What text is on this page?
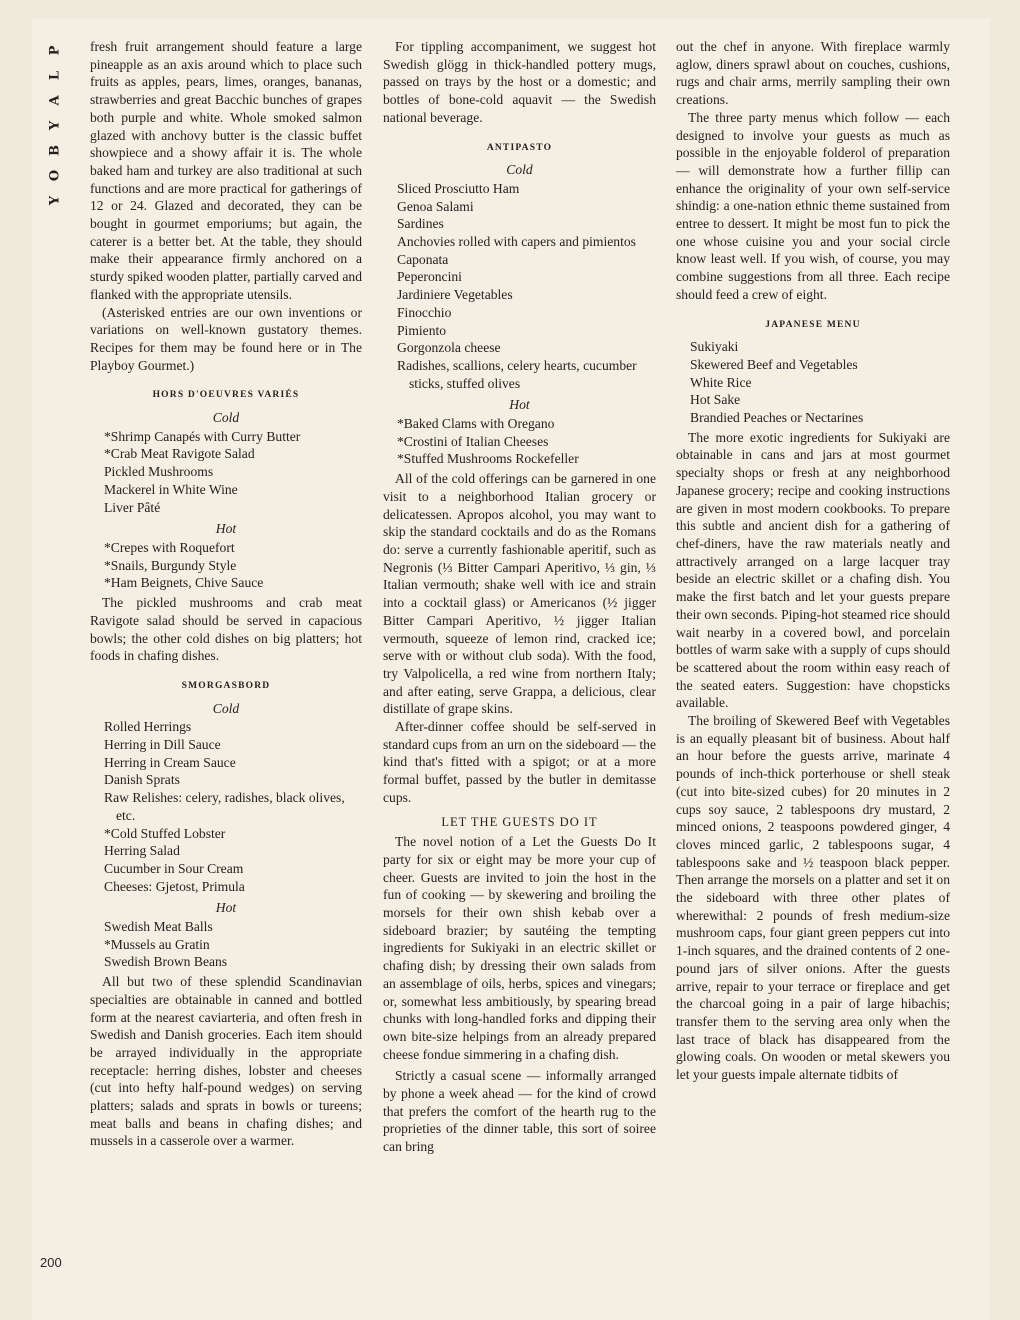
P
L
A
Y
B
O
Y

fresh fruit arrangement should feature a large pineapple as an axis around which to place such fruits as apples, pears, limes, oranges, bananas, strawberries and great Bacchic bunches of grapes both purple and white. Whole smoked salmon glazed with anchovy butter is the classic buffet showpiece and a showy affair it is. The whole baked ham and turkey are also traditional at such functions and are more practical for gatherings of 12 or 24. Glazed and decorated, they can be bought in gourmet emporiums; but again, the caterer is a better bet. At the table, they should make their appearance firmly anchored on a sturdy spiked wooden platter, partially carved and flanked with the appropriate utensils.

(Asterisked entries are our own inventions or variations on well-known gustatory themes. Recipes for them may be found here or in The Playboy Gourmet.)

HORS D'OEUVRES VARIÉS
Cold
*Shrimp Canapés with Curry Butter
*Crab Meat Ravigote Salad
Pickled Mushrooms
Mackerel in White Wine
Liver Pâté
Hot
*Crepes with Roquefort
*Snails, Burgundy Style
*Ham Beignets, Chive Sauce

The pickled mushrooms and crab meat Ravigote salad should be served in capacious bowls; the other cold dishes on big platters; hot foods in chafing dishes.

SMORGASBORD
Cold
Rolled Herrings
Herring in Dill Sauce
Herring in Cream Sauce
Danish Sprats
Raw Relishes: celery, radishes, black olives, etc.
*Cold Stuffed Lobster
Herring Salad
Cucumber in Sour Cream
Cheeses: Gjetost, Primula
Hot
Swedish Meat Balls
*Mussels au Gratin
Swedish Brown Beans

All but two of these splendid Scandinavian specialties are obtainable in canned and bottled form at the nearest caviarteria, and often fresh in Swedish and Danish groceries. Each item should be arrayed individually in the appropriate receptacle: herring dishes, lobster and cheeses (cut into hefty half-pound wedges) on serving platters; salads and sprats in bowls or tureens; meat balls and beans in chafing dishes; and mussels in a casserole over a warmer.

For tippling accompaniment, we suggest hot Swedish glögg in thick-handled pottery mugs, passed on trays by the host or a domestic; and bottles of bone-cold aquavit — the Swedish national beverage.

ANTIPASTO
Cold
Sliced Prosciutto Ham
Genoa Salami
Sardines
Anchovies rolled with capers and pimientos
Caponata
Peperoncini
Jardiniere Vegetables
Finocchio
Pimiento
Gorgonzola cheese
Radishes, scallions, celery hearts, cucumber sticks, stuffed olives
Hot
*Baked Clams with Oregano
*Crostini of Italian Cheeses
*Stuffed Mushrooms Rockefeller

All of the cold offerings can be garnered in one visit to a neighborhood Italian grocery or delicatessen. Apropos alcohol, you may want to skip the standard cocktails and do as the Romans do: serve a currently fashionable aperitif, such as Negronis (⅓ Bitter Campari Aperitivo, ⅓ gin, ⅓ Italian vermouth; shake well with ice and strain into a cocktail glass) or Americanos (½ jigger Bitter Campari Aperitivo, ½ jigger Italian vermouth, squeeze of lemon rind, cracked ice; serve with or without club soda). With the food, try Valpolicella, a red wine from northern Italy; and after eating, serve Grappa, a delicious, clear distillate of grape skins.

After-dinner coffee should be self-served in standard cups from an urn on the sideboard — the kind that's fitted with a spigot; or at a more formal buffet, passed by the butler in demitasse cups.

LET THE GUESTS DO IT

The novel notion of a Let the Guests Do It party for six or eight may be more your cup of cheer. Guests are invited to join the host in the fun of cooking — by skewering and broiling the morsels for their own shish kebab over a sideboard brazier; by sautéing the tempting ingredients for Sukiyaki in an electric skillet or chafing dish; by dressing their own salads from an assemblage of oils, herbs, spices and vinegars; or, somewhat less ambitiously, by spearing bread chunks with long-handled forks and dipping their own bite-size helpings from an already prepared cheese fondue simmering in a chafing dish.

Strictly a casual scene — informally arranged by phone a week ahead — for the kind of crowd that prefers the comfort of the hearth rug to the proprieties of the dinner table, this sort of soiree can bring

out the chef in anyone. With fireplace warmly aglow, diners sprawl about on couches, cushions, rugs and chair arms, merrily sampling their own creations.

The three party menus which follow — each designed to involve your guests as much as possible in the enjoyable folderol of preparation — will demonstrate how a further fillip can enhance the originality of your own self-service shindig: a one-nation ethnic theme sustained from entree to dessert. It might be most fun to pick the one whose cuisine you and your social circle know least well. If you wish, of course, you may combine suggestions from all three. Each recipe should feed a crew of eight.

JAPANESE MENU
Sukiyaki
Skewered Beef and Vegetables
White Rice
Hot Sake
Brandied Peaches or Nectarines

The more exotic ingredients for Sukiyaki are obtainable in cans and jars at most gourmet specialty shops or fresh at any neighborhood Japanese grocery; recipe and cooking instructions are given in most modern cookbooks. To prepare this subtle and ancient dish for a gathering of chef-diners, have the raw materials neatly and attractively arranged on a large lacquer tray beside an electric skillet or a chafing dish. You make the first batch and let your guests prepare their own seconds. Piping-hot steamed rice should wait nearby in a covered bowl, and porcelain bottles of warm sake with a supply of cups should be scattered about the room within easy reach of the seated eaters. Suggestion: have chopsticks available.

The broiling of Skewered Beef with Vegetables is an equally pleasant bit of business. About half an hour before the guests arrive, marinate 4 pounds of inch-thick porterhouse or shell steak (cut into bite-sized cubes) for 20 minutes in 2 cups soy sauce, 2 tablespoons dry mustard, 2 minced onions, 2 teaspoons powdered ginger, 4 cloves minced garlic, 2 tablespoons sugar, 4 tablespoons sake and ½ teaspoon black pepper. Then arrange the morsels on a platter and set it on the sideboard with three other plates of wherewithal: 2 pounds of fresh medium-size mushroom caps, four giant green peppers cut into 1-inch squares, and the drained contents of 2 one-pound jars of silver onions. After the guests arrive, repair to your terrace or fireplace and get the charcoal going in a pair of large hibachis; transfer them to the serving area only when the last trace of black has disappeared from the glowing coals. On wooden or metal skewers you let your guests impale alternate tidbits of

200
